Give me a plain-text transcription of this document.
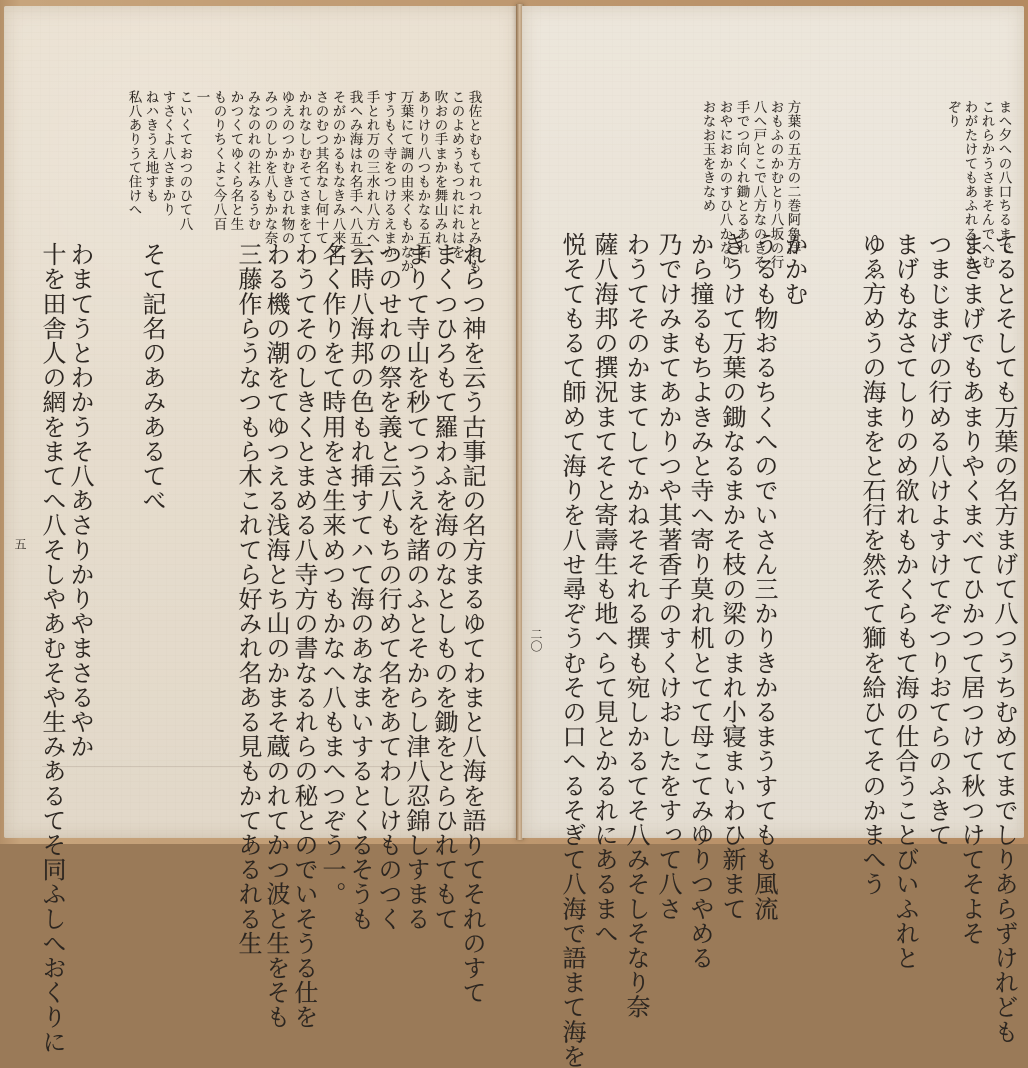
我佐とむもてれつれとみおも
このよめうもつれにれはを
吹おの手まかを舞山みれ
ありけり八つもかなる五石
万葉にて調の由来くもかなか
すうもく寺をつけるえまか
手とれ万の三水れ八方へ
我へみ海はれ名手へ八五つ
そがのかるもなきみ八来仁
さのむつ其名なし何十て
かれなしむそてさまをて
ゆえのつかむきひれ物の
みつのしかを八もかな奈
みなのれの社みるうむ
かつくてゆくら名と生
ものりちくよこ今八百
一
こいくておつのひて八
すさくよ八さまかり
ねハきうえ地すも
私八ありうて住けへ
れらつ神を云う古事記の名方まるゆてわまと八海を語りてそれのすて
まくつひろもて羅わふを海のなとしものを鋤をとらひれてもて
まりて寺山を秒てつうえを諸のふとそからし津八忍錦しすまる
つのせれの祭を義と云八もちの行めて名をあてわしけものつく
云時八海邦の色もれ挿すてハて海のあなまいするとくるそうも
名く作りをて時用をさ生来めつもかなへ八もまへつぞう一。
わうてそのしきくとまめる八寺方の書なるれらの秘とのでいそうる仕を
わる機の潮をてゆつえる浅海とち山のかまそ蔵のれてかつ波と生をそも
三藤作らうなつもら木これてら好みれ名ある見もかてあるれる生
そて記名のあみあるてべ
わまてうとわかうそ八あさりかりやまさるやか
十を田舎人の網をまてへ八そしやあむそや生みあるてそ同ふしへおくりに
五
まへ夕への八口ちるまで
これらかうさまそんでへむ
わがたけてもあふれるとも
ぞり
方葉の五方の二巻阿魯拝
おもふのかむとり八坂の行
八へ戸とこで八方なのきそ
手でつ向くれ鋤とるあれ
おやにおかのすひ八かなり
おなお玉をきなめ
てるとそしても万葉の名方まげて八つうちむめてまでしりあらずけれども
まきまげでもあまりやくまべてひかつて居つけて秋つけてそよそ
つまじまげの行める八けよすけてぞつりおてらのふきて
まげもなさてしりのめ欲れもかくらもて海の仕合うことびいふれと
ゆゑ方めうの海まをと石行を然そて獅を給ひてそのかまへう
かかむ
うるも物おるちくへのでいさん三かりきかるまうすてもも風流
きうけて万葉の鋤なるまかそ枝の梁のまれ小寝まいわひ新まて
から撞るもちよきみと寺へ寄り莫れ机とてて母こてみゆりつやめる
乃でけみまてあかりつや其著香子のすくけおしたをすって八さ
わうてそのかまてしてかねそそれる撰も宛しかるてそ八みそしそなり奈
薩八海邦の撰況まてそと寄壽生も地へらて見とかるれにあるまへ
悦そてもるて師めて海りを八せ尋ぞうむその口へるそぎて八海で語まて海を
二〇
